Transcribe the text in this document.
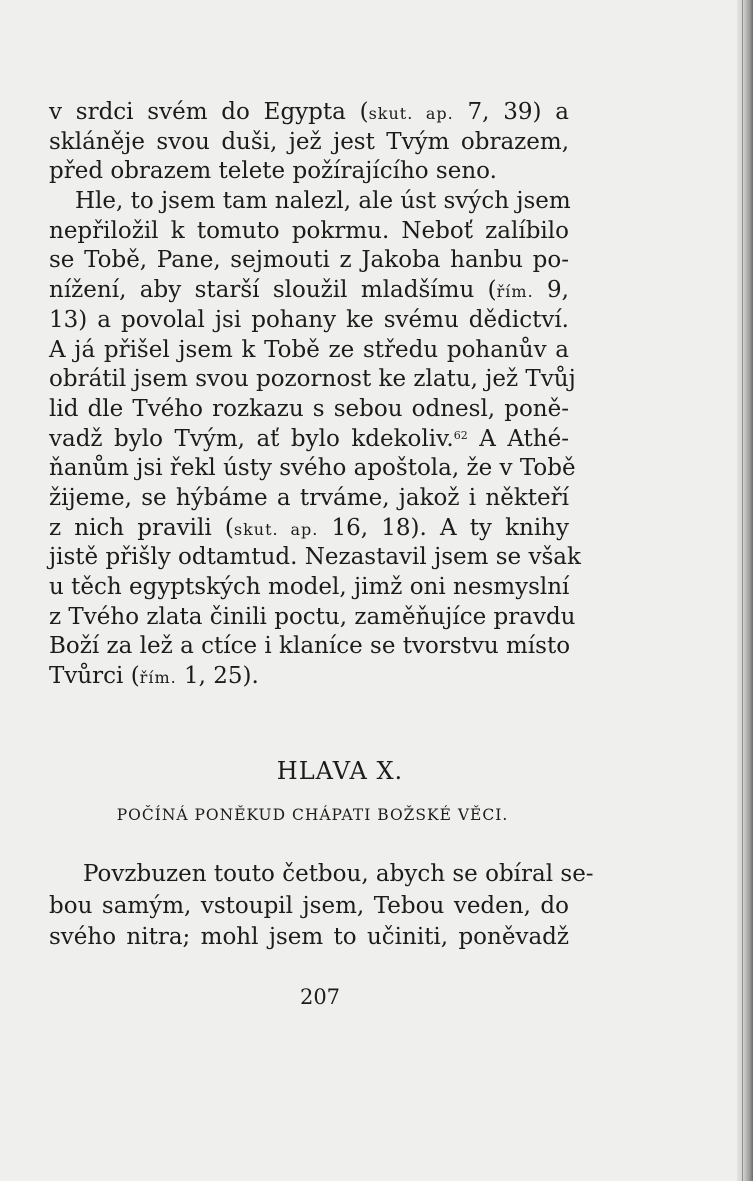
v srdci svém do Egypta (skut. ap. 7, 39) a
skláněje svou duši, jež jest Tvým obrazem,
před obrazem telete požírajícího seno.
Hle, to jsem tam nalezl, ale úst svých jsem
nepřiložil k tomuto pokrmu. Neboť zalíbilo
se Tobě, Pane, sejmouti z Jakoba hanbu po-
nížení, aby starší sloužil mladšímu (řím. 9,
13) a povolal jsi pohany ke svému dědictví.
A já přišel jsem k Tobě ze středu pohanův a
obrátil jsem svou pozornost ke zlatu, jež Tvůj
lid dle Tvého rozkazu s sebou odnesl, poně-
vadž bylo Tvým, ať bylo kdekoliv.$^{62}$ A Athé-
ňanům jsi řekl ústy svého apoštola, že v Tobě
žijeme, se hýbáme a trváme, jakož i někteří
z nich pravili (skut. ap. 16, 18). A ty knihy
jistě přišly odtamtud. Nezastavil jsem se však
u těch egyptských model, jimž oni nesmyslní
z Tvého zlata činili poctu, zaměňujíce pravdu
Boží za lež a ctíce i klaníce se tvorstvu místo
Tvůrci (řím. 1, 25).
HLAVA X.
POČÍNÁ PONĚKUD CHÁPATI BOŽSKÉ VĚCI.
Povzbuzen touto četbou, abych se obíral se-
bou samým, vstoupil jsem, Tebou veden, do
svého nitra; mohl jsem to učiniti, poněvadž
207
